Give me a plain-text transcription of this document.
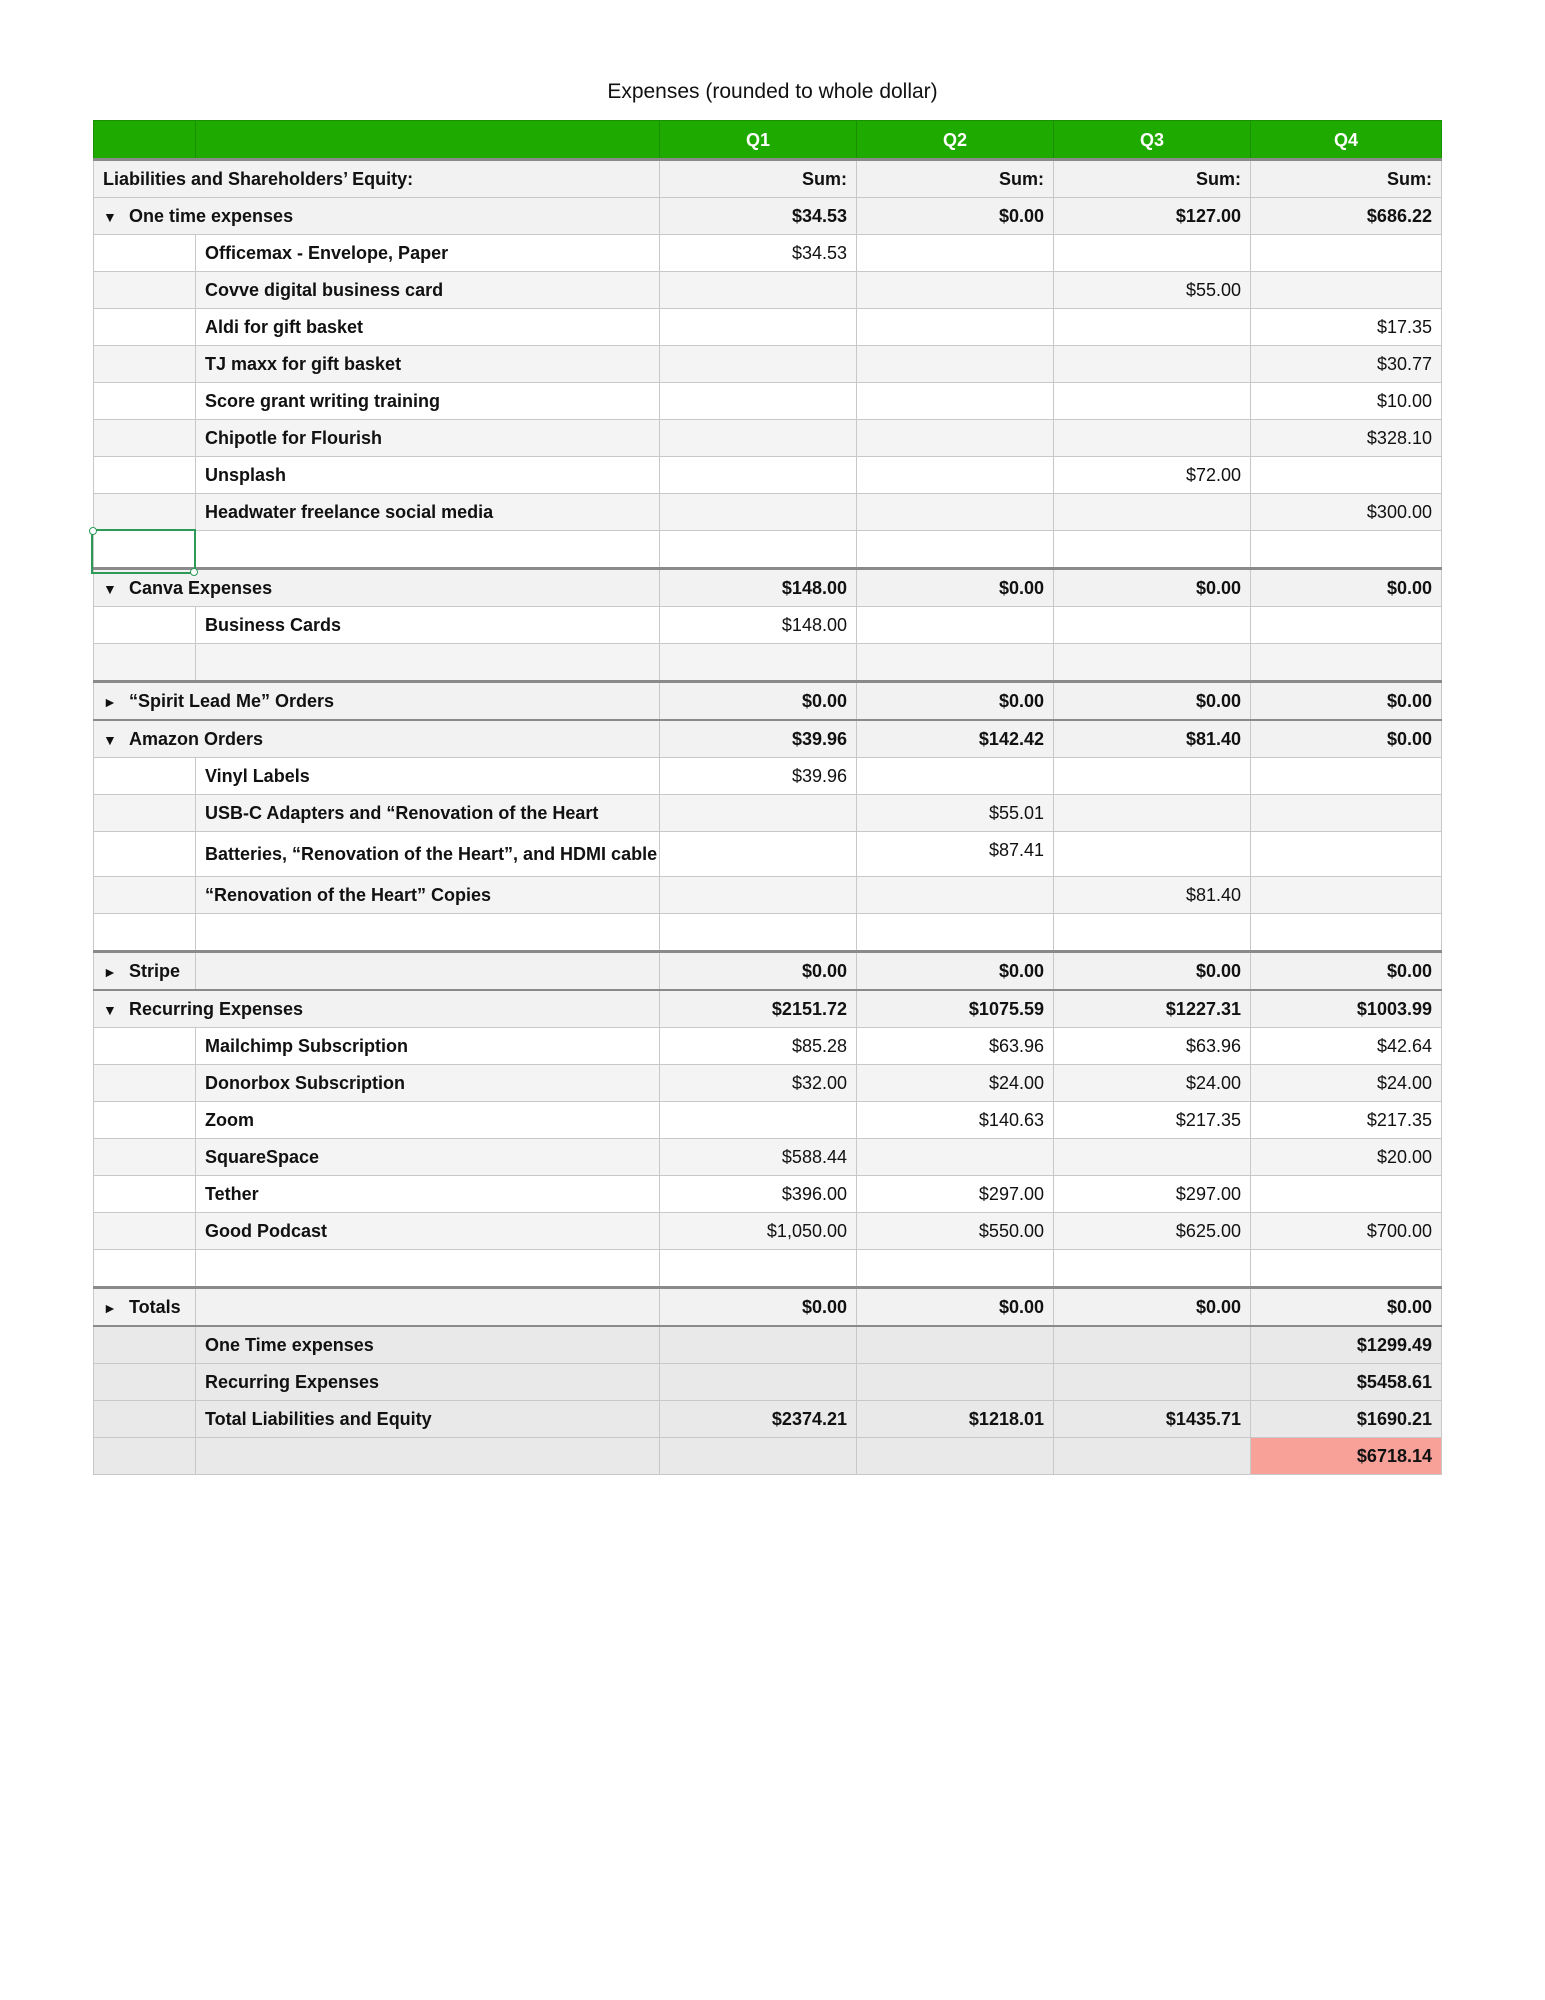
Expenses (rounded to whole dollar)
		Q1	Q2	Q3	Q4
Liabilities and Shareholders’ Equity:		Sum:	Sum:	Sum:	Sum:
▼ One time expenses		$34.53	$0.00	$127.00	$686.22
	Officemax - Envelope, Paper	$34.53			
	Covve digital business card			$55.00	
	Aldi for gift basket				$17.35
	TJ maxx for gift basket				$30.77
	Score grant writing training				$10.00
	Chipotle for Flourish				$328.10
	Unsplash			$72.00	
	Headwater freelance social media				$300.00

▼ Canva Expenses		$148.00	$0.00	$0.00	$0.00
	Business Cards	$148.00			

► “Spirit Lead Me” Orders		$0.00	$0.00	$0.00	$0.00
▼ Amazon Orders		$39.96	$142.42	$81.40	$0.00
	Vinyl Labels	$39.96			
	USB-C Adapters and “Renovation of the Heart		$55.01		
	Batteries, “Renovation of the Heart”, and HDMI cable		$87.41		
	“Renovation of the Heart” Copies			$81.40	

► Stripe		$0.00	$0.00	$0.00	$0.00
▼ Recurring Expenses		$2151.72	$1075.59	$1227.31	$1003.99
	Mailchimp Subscription	$85.28	$63.96	$63.96	$42.64
	Donorbox Subscription	$32.00	$24.00	$24.00	$24.00
	Zoom		$140.63	$217.35	$217.35
	SquareSpace	$588.44			$20.00
	Tether	$396.00	$297.00	$297.00	
	Good Podcast	$1,050.00	$550.00	$625.00	$700.00

► Totals		$0.00	$0.00	$0.00	$0.00
	One Time expenses				$1299.49
	Recurring Expenses				$5458.61
	Total Liabilities and Equity	$2374.21	$1218.01	$1435.71	$1690.21
					$6718.14
